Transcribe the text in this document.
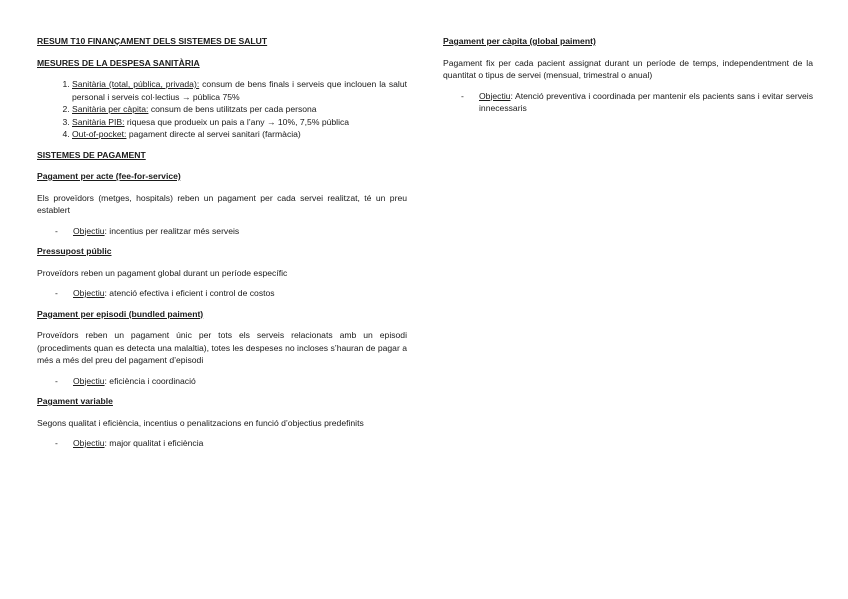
RESUM T10 FINANÇAMENT DELS SISTEMES DE SALUT
MESURES DE LA DESPESA SANITÀRIA
1. Sanitària (total, pública, privada): consum de bens finals i serveis que inclouen la salut personal i serveis col·lectius → pública 75%
2. Sanitària per càpita: consum de bens utilitzats per cada persona
3. Sanitària PIB: riquesa que produeix un pais a l’any → 10%, 7,5% pública
4. Out-of-pocket: pagament directe al servei sanitari (farmàcia)
SISTEMES DE PAGAMENT
Pagament per acte (fee-for-service)

Els proveïdors (metges, hospitals) reben un pagament per cada servei realitzat, té un preu establert

-	Objectiu: incentius per realitzar més serveis
Pressupost públic

Proveïdors reben un pagament global durant un període específic

-	Objectiu: atenció efectiva i eficient i control de costos
Pagament per episodi (bundled paiment)

Proveïdors reben un pagament únic per tots els serveis relacionats amb un episodi (procediments quan es detecta una malaltia), totes les despeses no incloses s’hauran de pagar a més a més del preu del pagament d’episodi

-	Objectiu: eficiència i coordinació
Pagament variable

Segons qualitat i eficiència, incentius o penalitzacions en funció d’objectius predefinits

-	Objectiu: major qualitat i eficiència
Pagament per càpita (global paiment)

Pagament fix per cada pacient assignat durant un període de temps, independentment de la quantitat o tipus de servei (mensual, trimestral o anual)

-	Objectiu: Atenció preventiva i coordinada per mantenir els pacients sans i evitar serveis innecessaris
